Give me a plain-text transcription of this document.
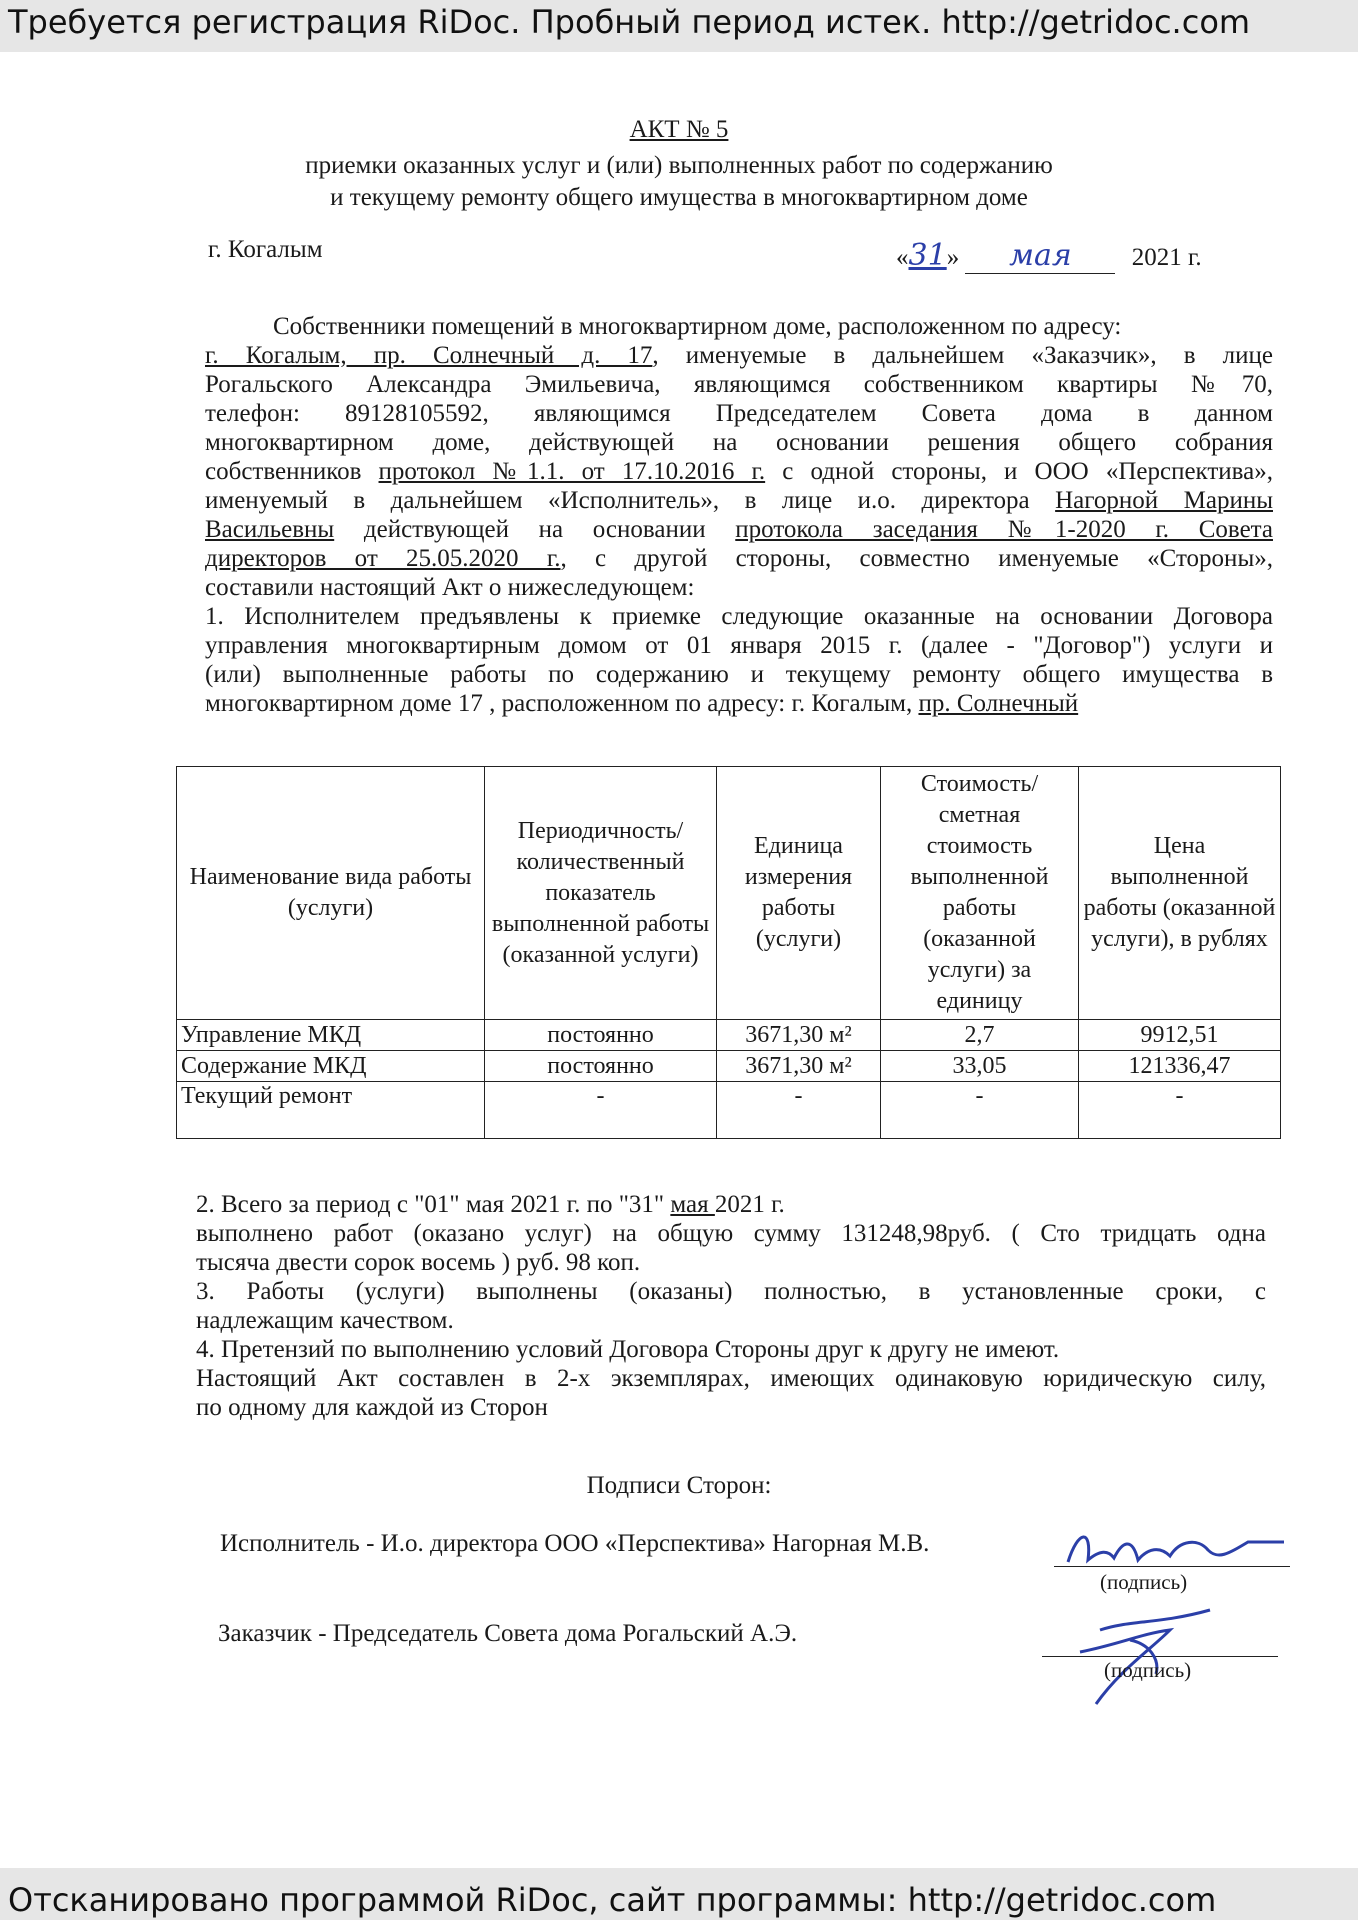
Требуется регистрация RiDoc. Пробный период истек. http://getridoc.com
АКТ № 5
приемки оказанных услуг и (или) выполненных работ по содержанию
и текущему ремонту общего имущества в многоквартирном доме
г. Когалым	«31» мая 2021 г.
Собственники помещений в многоквартирном доме, расположенном по адресу:
г. Когалым, пр. Солнечный д. 17, именуемые в дальнейшем «Заказчик», в лице
Рогальского Александра Эмильевича, являющимся собственником квартиры №70,
телефон: 89128105592, являющимся Председателем Совета дома в данном
многоквартирном доме, действующей на основании решения общего собрания
собственников протокол №1.1. от 17.10.2016 г. с одной стороны, и ООО «Перспектива»,
именуемый в дальнейшем «Исполнитель», в лице и.о. директора Нагорной Марины
Васильевны действующей на основании протокола заседания №1-2020 г. Совета
директоров от 25.05.2020 г., с другой стороны, совместно именуемые «Стороны»,
составили настоящий Акт о нижеследующем:
1. Исполнителем предъявлены к приемке следующие оказанные на основании Договора
управления многоквартирным домом от 01 января 2015 г. (далее - "Договор") услуги и
(или) выполненные работы по содержанию и текущему ремонту общего имущества в
многоквартирном доме 17 , расположенном по адресу: г. Когалым, пр. Солнечный
Наименование вида работы (услуги)	Периодичность/ количественный показатель выполненной работы (оказанной услуги)	Единица измерения работы (услуги)	Стоимость/ сметная стоимость выполненной работы (оказанной услуги) за единицу	Цена выполненной работы (оказанной услуги), в рублях
Управление МКД	постоянно	3671,30 м²	2,7	9912,51
Содержание МКД	постоянно	3671,30 м²	33,05	121336,47
Текущий ремонт	-	-	-	-
2. Всего за период с "01" мая 2021 г. по "31" мая 2021 г.
выполнено работ (оказано услуг) на общую сумму 131248,98руб. ( Сто тридцать одна
тысяча двести сорок восемь ) руб. 98 коп.
3. Работы (услуги) выполнены (оказаны) полностью, в установленные сроки, с
надлежащим качеством.
4. Претензий по выполнению условий Договора Стороны друг к другу не имеют.
Настоящий Акт составлен в 2-х экземплярах, имеющих одинаковую юридическую силу,
по одному для каждой из Сторон
Подписи Сторон:
Исполнитель - И.о. директора ООО «Перспектива» Нагорная М.В.
(подпись)
Заказчик - Председатель Совета дома Рогальский А.Э.
(подпись)
Отсканировано программой RiDoc, сайт программы: http://getridoc.com
